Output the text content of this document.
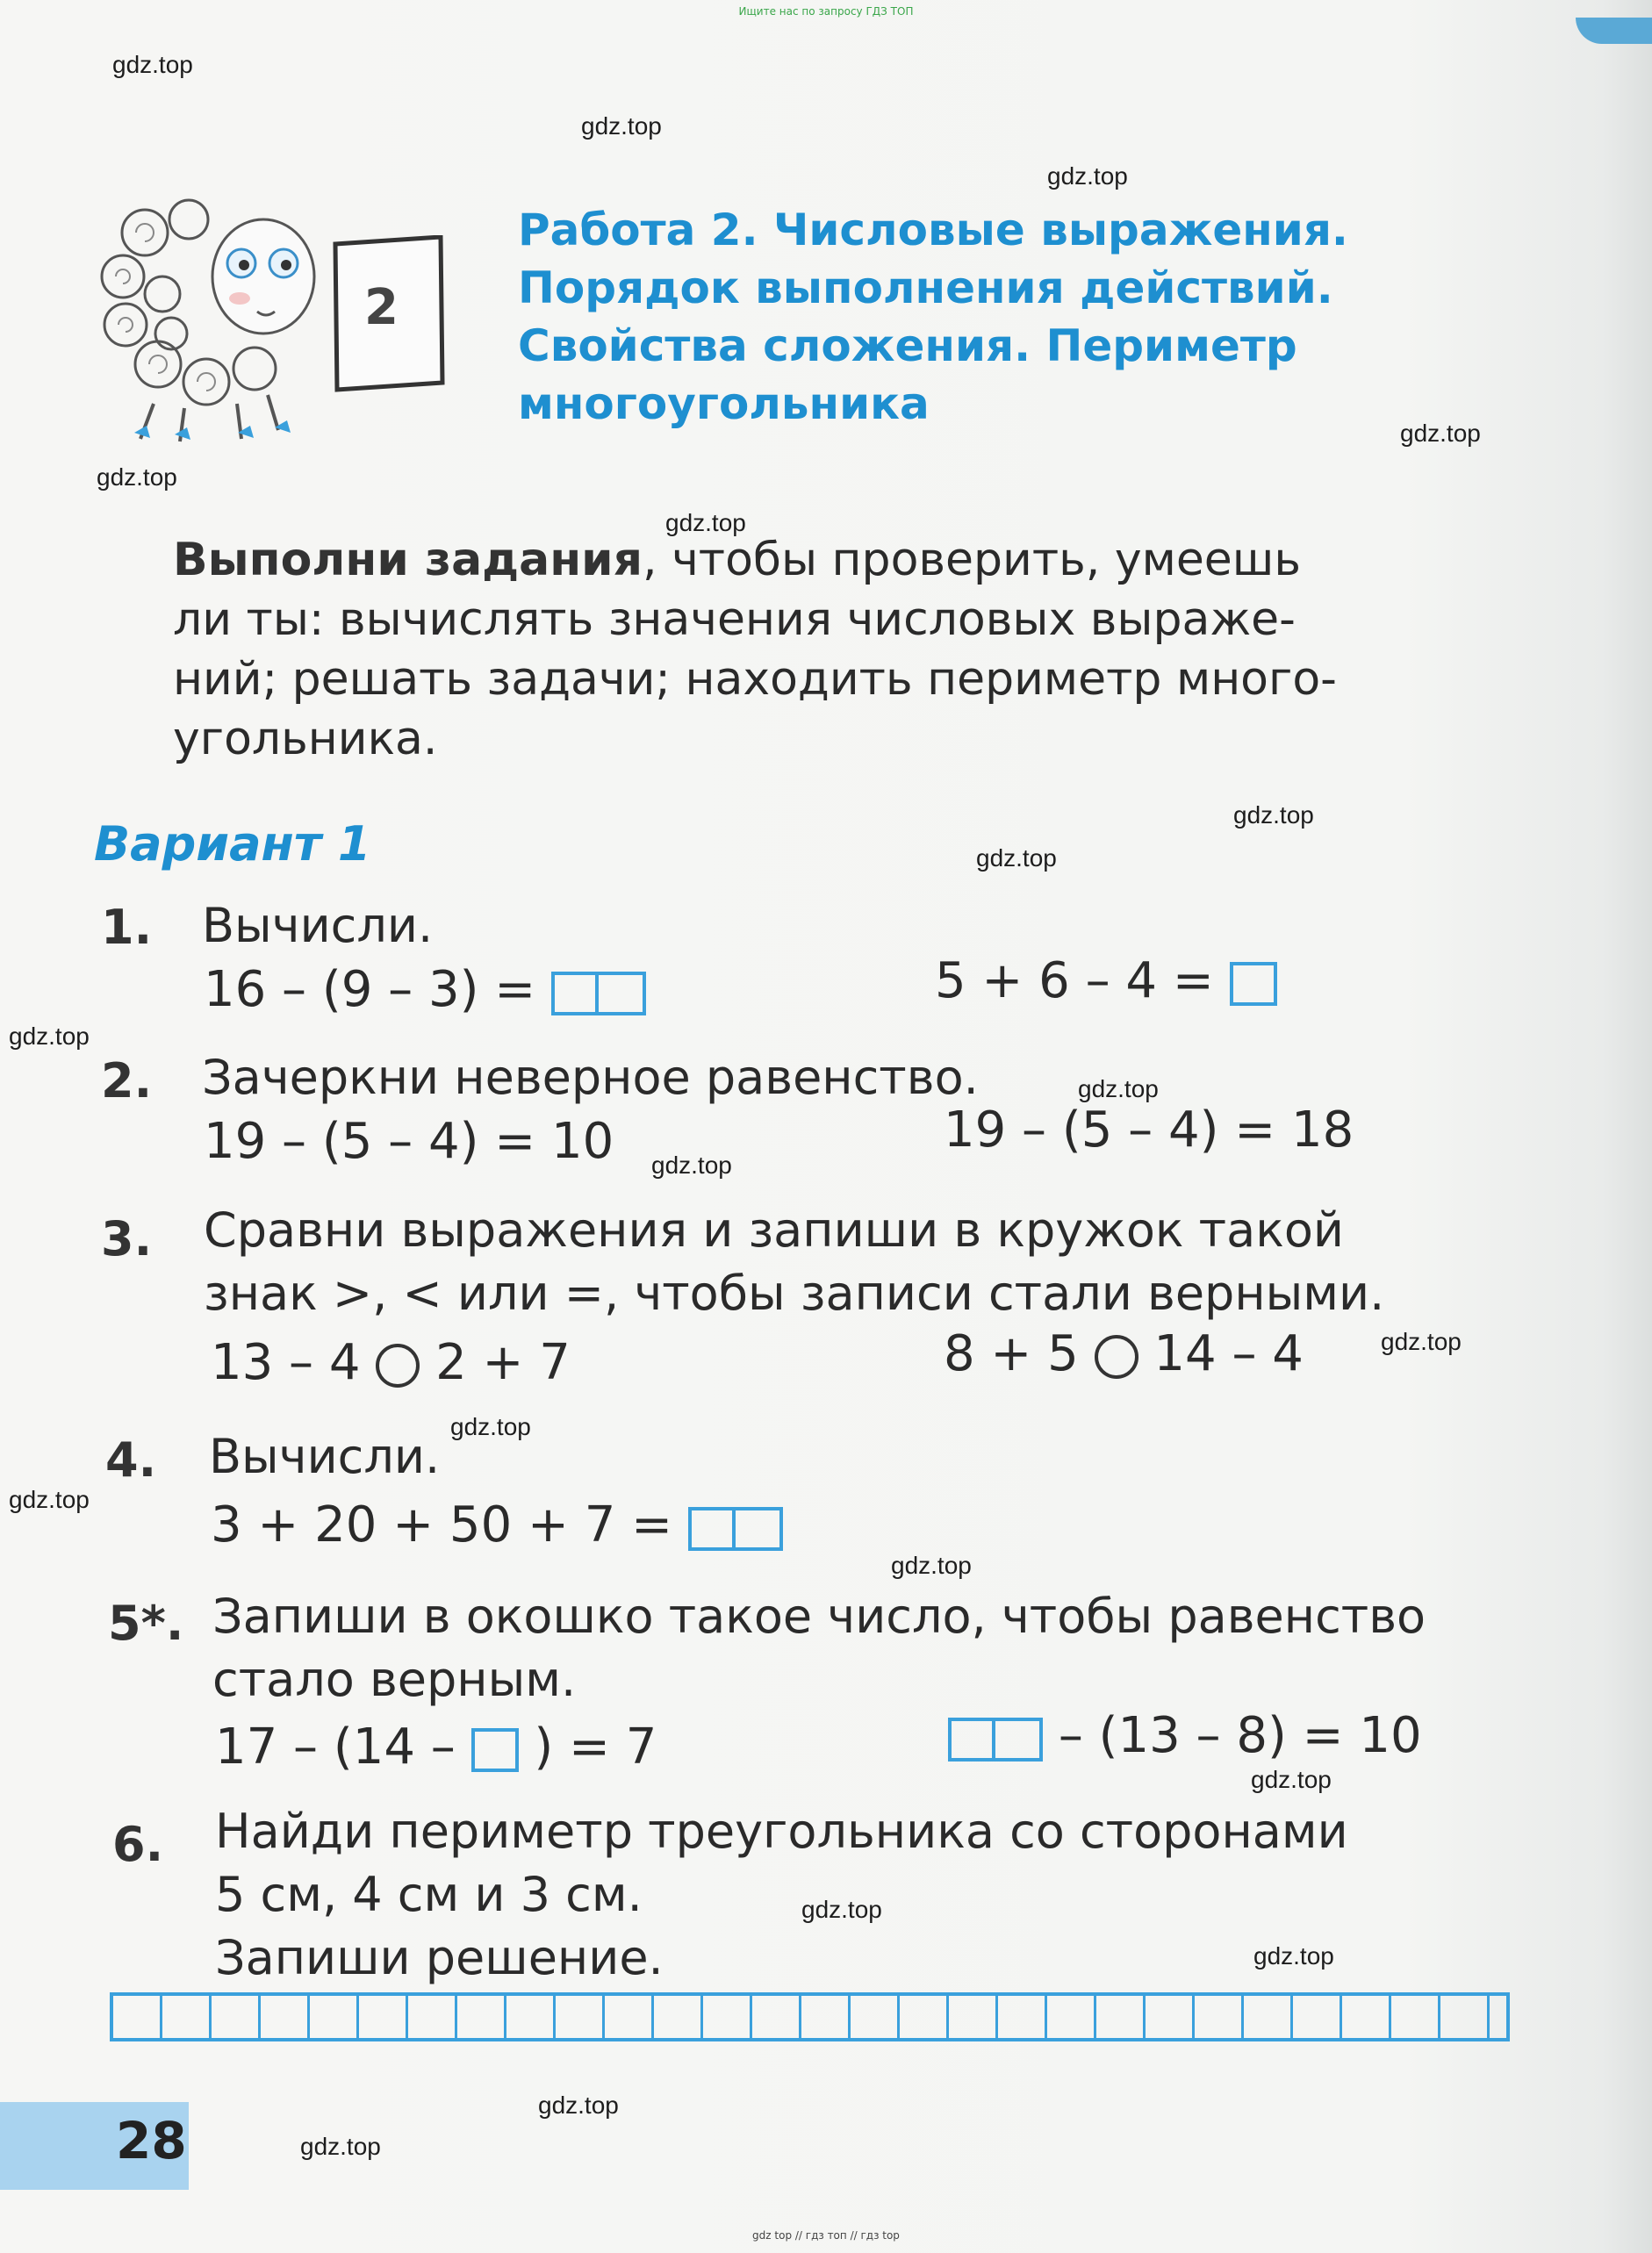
Ищите нас по запросу ГДЗ ТОП
gdz.top
gdz.top
gdz.top
gdz.top
gdz.top
gdz.top
gdz.top
gdz.top
gdz.top
gdz.top
gdz.top
gdz.top
gdz.top
gdz.top
gdz.top
gdz.top
gdz.top
gdz.top
gdz.top
gdz.top
2
Работа 2. Числовые выражения.
Порядок выполнения действий.
Свойства сложения. Периметр
многоугольника
Выполни задания, чтобы проверить, умеешь
ли ты: вычислять значения числовых выраже-
ний; решать задачи; находить периметр много-
угольника.
Вариант 1
1. Вычисли.
16 – (9 – 3) =	5 + 6 – 4 =
2. Зачеркни неверное равенство.
19 – (5 – 4) = 10	19 – (5 – 4) = 18
3. Сравни выражения и запиши в кружок такой
знак >, < или =, чтобы записи стали верными.
13 – 4 2 + 7	8 + 5 14 – 4
4. Вычисли.
3 + 20 + 50 + 7 =
5*. Запиши в окошко такое число, чтобы равенство
стало верным.
17 – (14 – ) = 7	– (13 – 8) = 10
6. Найди периметр треугольника со сторонами
5 см, 4 см и 3 см.
Запиши решение.
28
gdz top // гдз топ // гдз top
